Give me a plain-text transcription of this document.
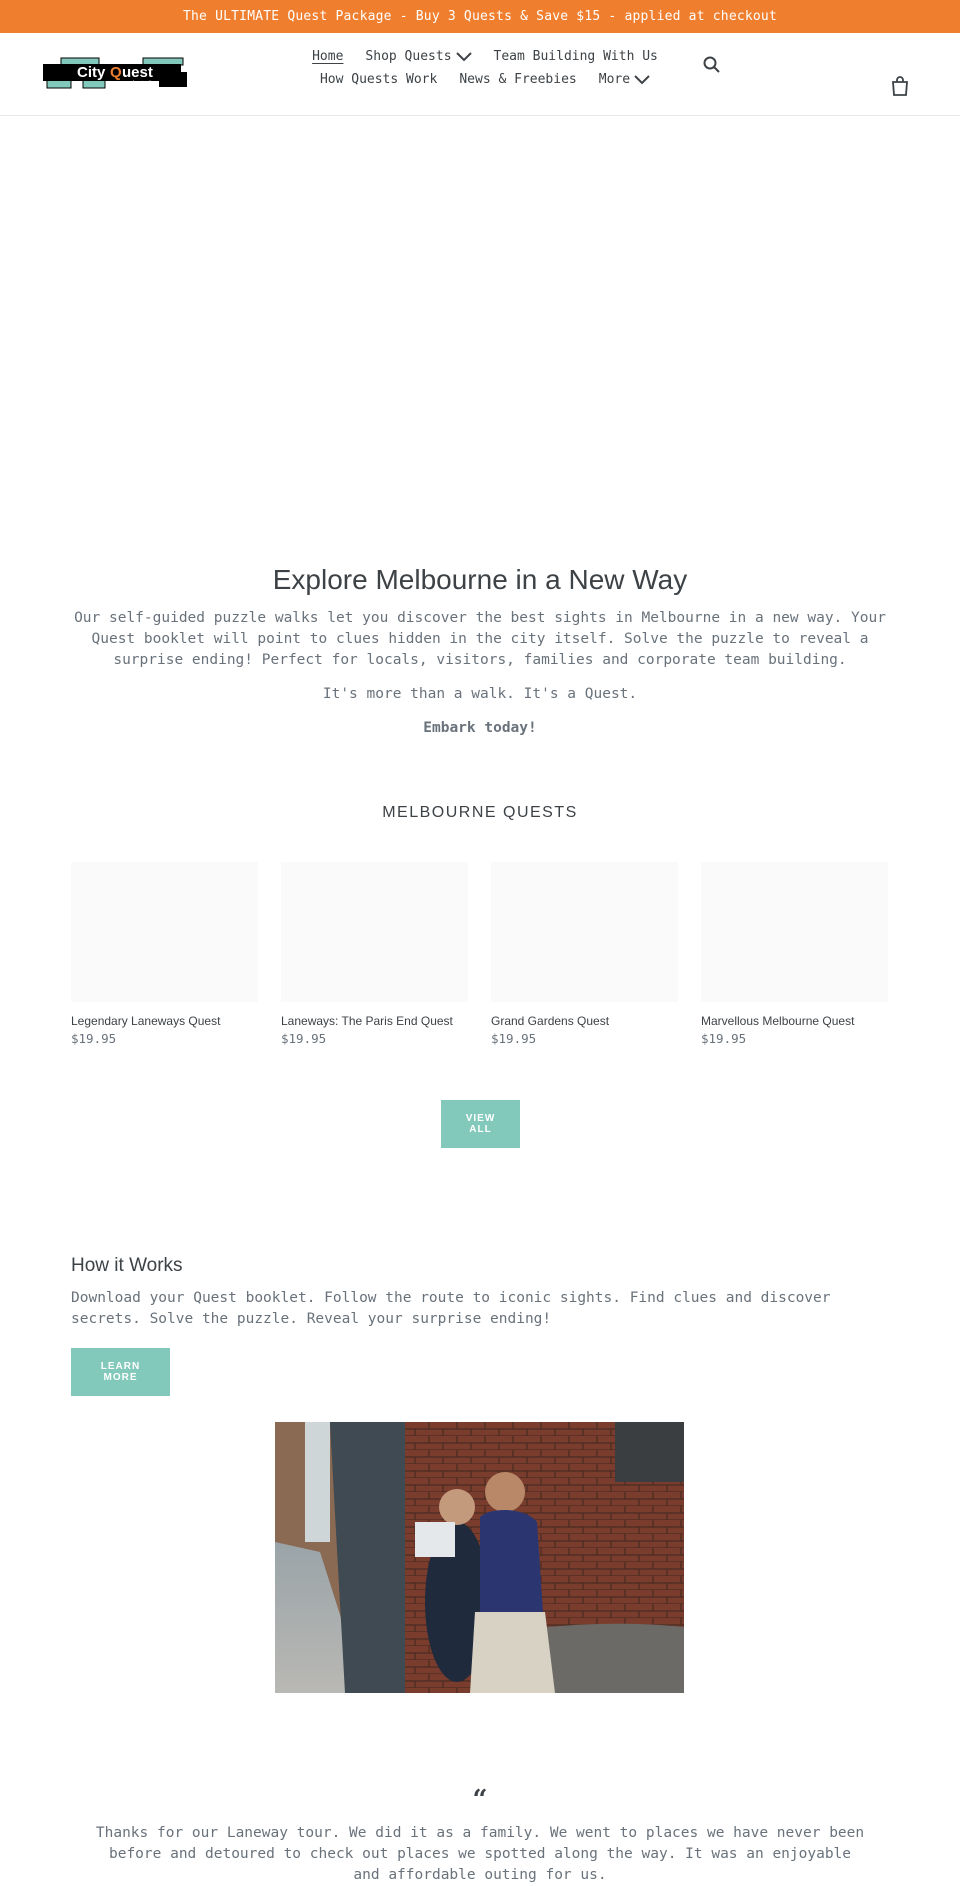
The ULTIMATE Quest Package - Buy 3 Quests & Save $15 - applied at checkout
City Q uest
Australia
Home Shop Quests	Team Building With Us
How Quests Work News & Freebies More
Explore Melbourne in a New Way

Our self-guided puzzle walks let you discover the best sights in Melbourne in a new way. Your Quest booklet will point to clues hidden in the city itself. Solve the puzzle to reveal a surprise ending! Perfect for locals, visitors, families and corporate team building.

It's more than a walk. It's a Quest.

Embark today!

MELBOURNE QUESTS
Legendary Laneways Quest
$19.95
Laneways: The Paris End Quest
$19.95
Grand Gardens Quest
$19.95
Marvellous Melbourne Quest
$19.95
VIEW
ALL
How it Works

Download your Quest booklet. Follow the route to iconic sights. Find clues and discover secrets. Solve the puzzle. Reveal your surprise ending!

LEARN
MORE
“
Thanks for our Laneway tour. We did it as a family. We went to places we have never been before and detoured to check out places we spotted along the way. It was an enjoyable and affordable outing for us.
